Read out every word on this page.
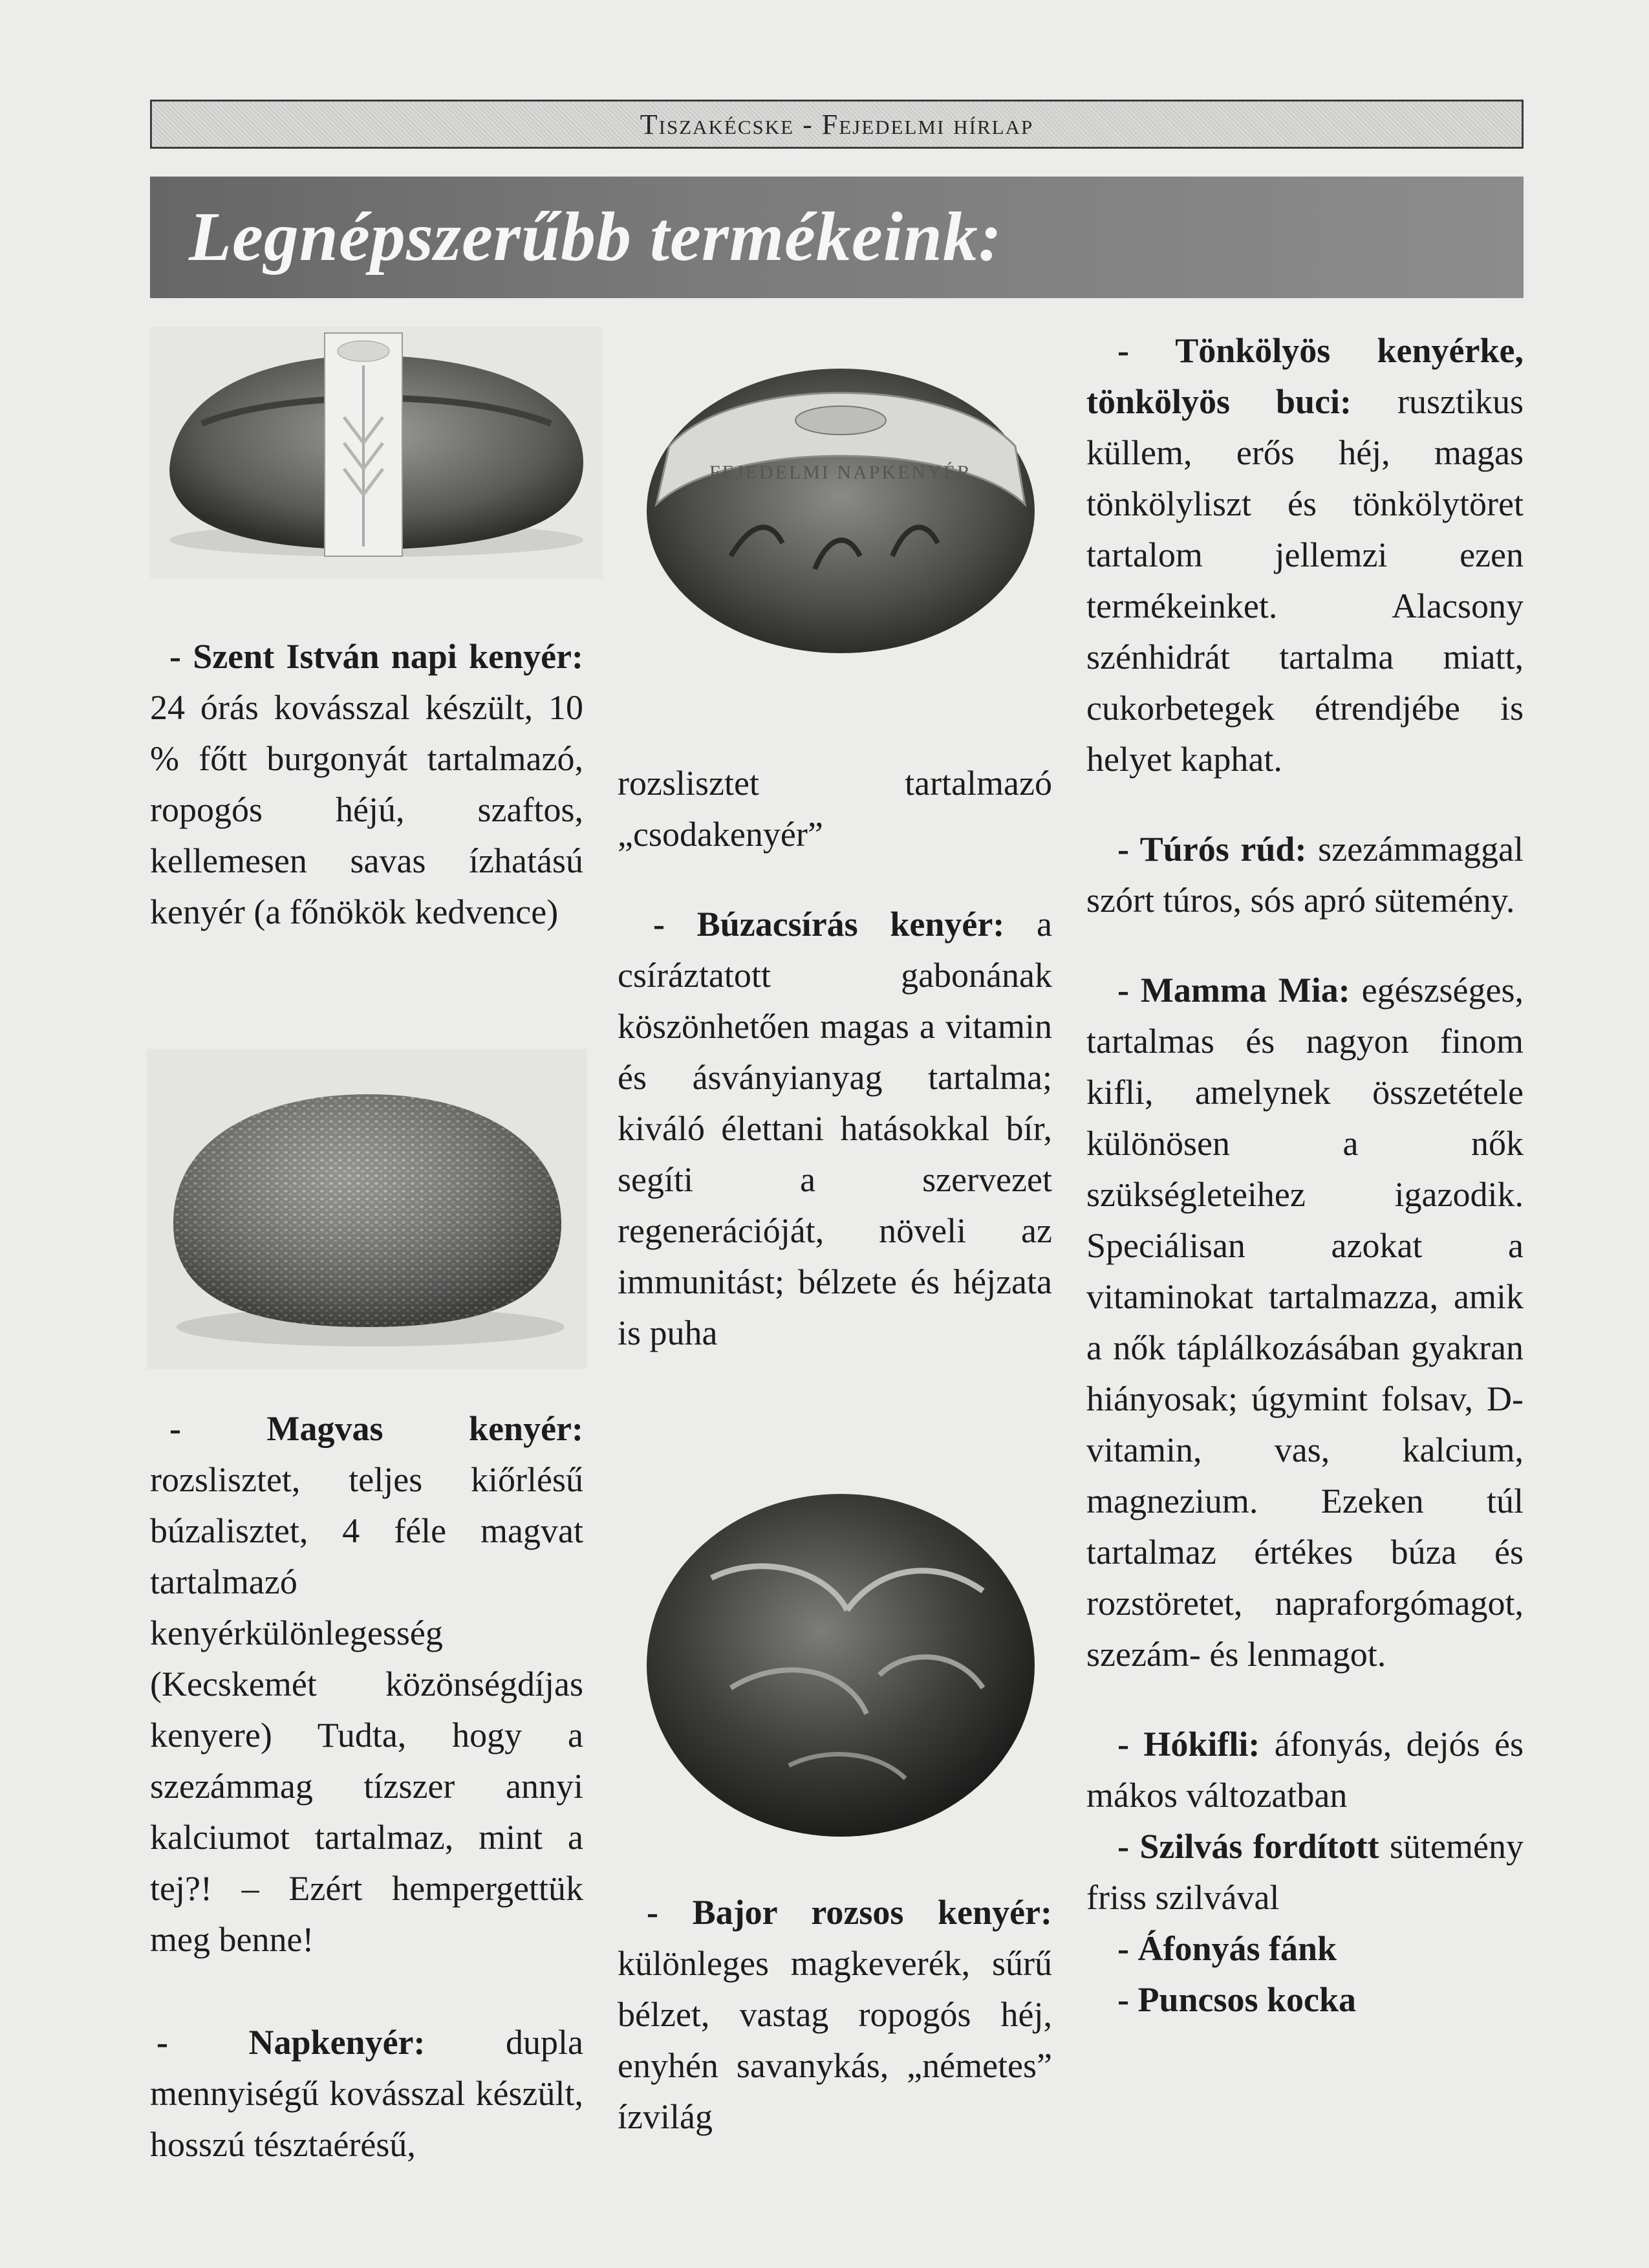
Tiszakécske - Fejedelmi hírlap
Legnépszerűbb termékeink:
FEJEDELMI NAPKENYÉR

- Szent István napi kenyér: 24 órás kovásszal készült, 10 % főtt burgonyát tartalmazó, ropogós héjú, szaftos, kellemesen savas ízhatású kenyér (a főnökök kedvence)

- Magvas kenyér: rozslisztet, teljes kiőrlésű búzalisztet, 4 féle magvat tartalmazó kenyérkülönlegesség (Kecskemét közönségdíjas kenyere) Tudta, hogy a szezámmag tízszer annyi kalciumot tartalmaz, mint a tej?! – Ezért hempergettük meg benne!

- Napkenyér: dupla mennyiségű kovásszal készült, hosszú tésztaérésű,

rozslisztet tartalmazó „csodakenyér”

- Búzacsírás kenyér: a csíráztatott gabonának köszönhetően magas a vitamin és ásványianyag tartalma; kiváló élettani hatásokkal bír, segíti a szervezet regenerációját, növeli az immunitást; bélzete és héjzata is puha

- Bajor rozsos kenyér: különleges magkeverék, sűrű bélzet, vastag ropogós héj, enyhén savanykás, „németes” ízvilág

- Tönkölyös kenyérke, tönkölyös buci: rusztikus küllem, erős héj, magas tönkölyliszt és tönkölytöret tartalom jellemzi ezen termékeinket. Alacsony szénhidrát tartalma miatt, cukorbetegek étrendjébe is helyet kaphat.

- Túrós rúd: szezámmaggal szórt túros, sós apró sütemény.

- Mamma Mia: egészséges, tartalmas és nagyon finom kifli, amelynek összetétele különösen a nők szükségleteihez igazodik. Speciálisan azokat a vitaminokat tartalmazza, amik a nők táplálkozásában gyakran hiányosak; úgymint folsav, D-vitamin, vas, kalcium, magnezium. Ezeken túl tartalmaz értékes búza és rozstöretet, napraforgómagot, szezám- és lenmagot.

- Hókifli: áfonyás, dejós és mákos változatban

- Szilvás fordított sütemény friss szilvával

- Áfonyás fánk

- Puncsos kocka
